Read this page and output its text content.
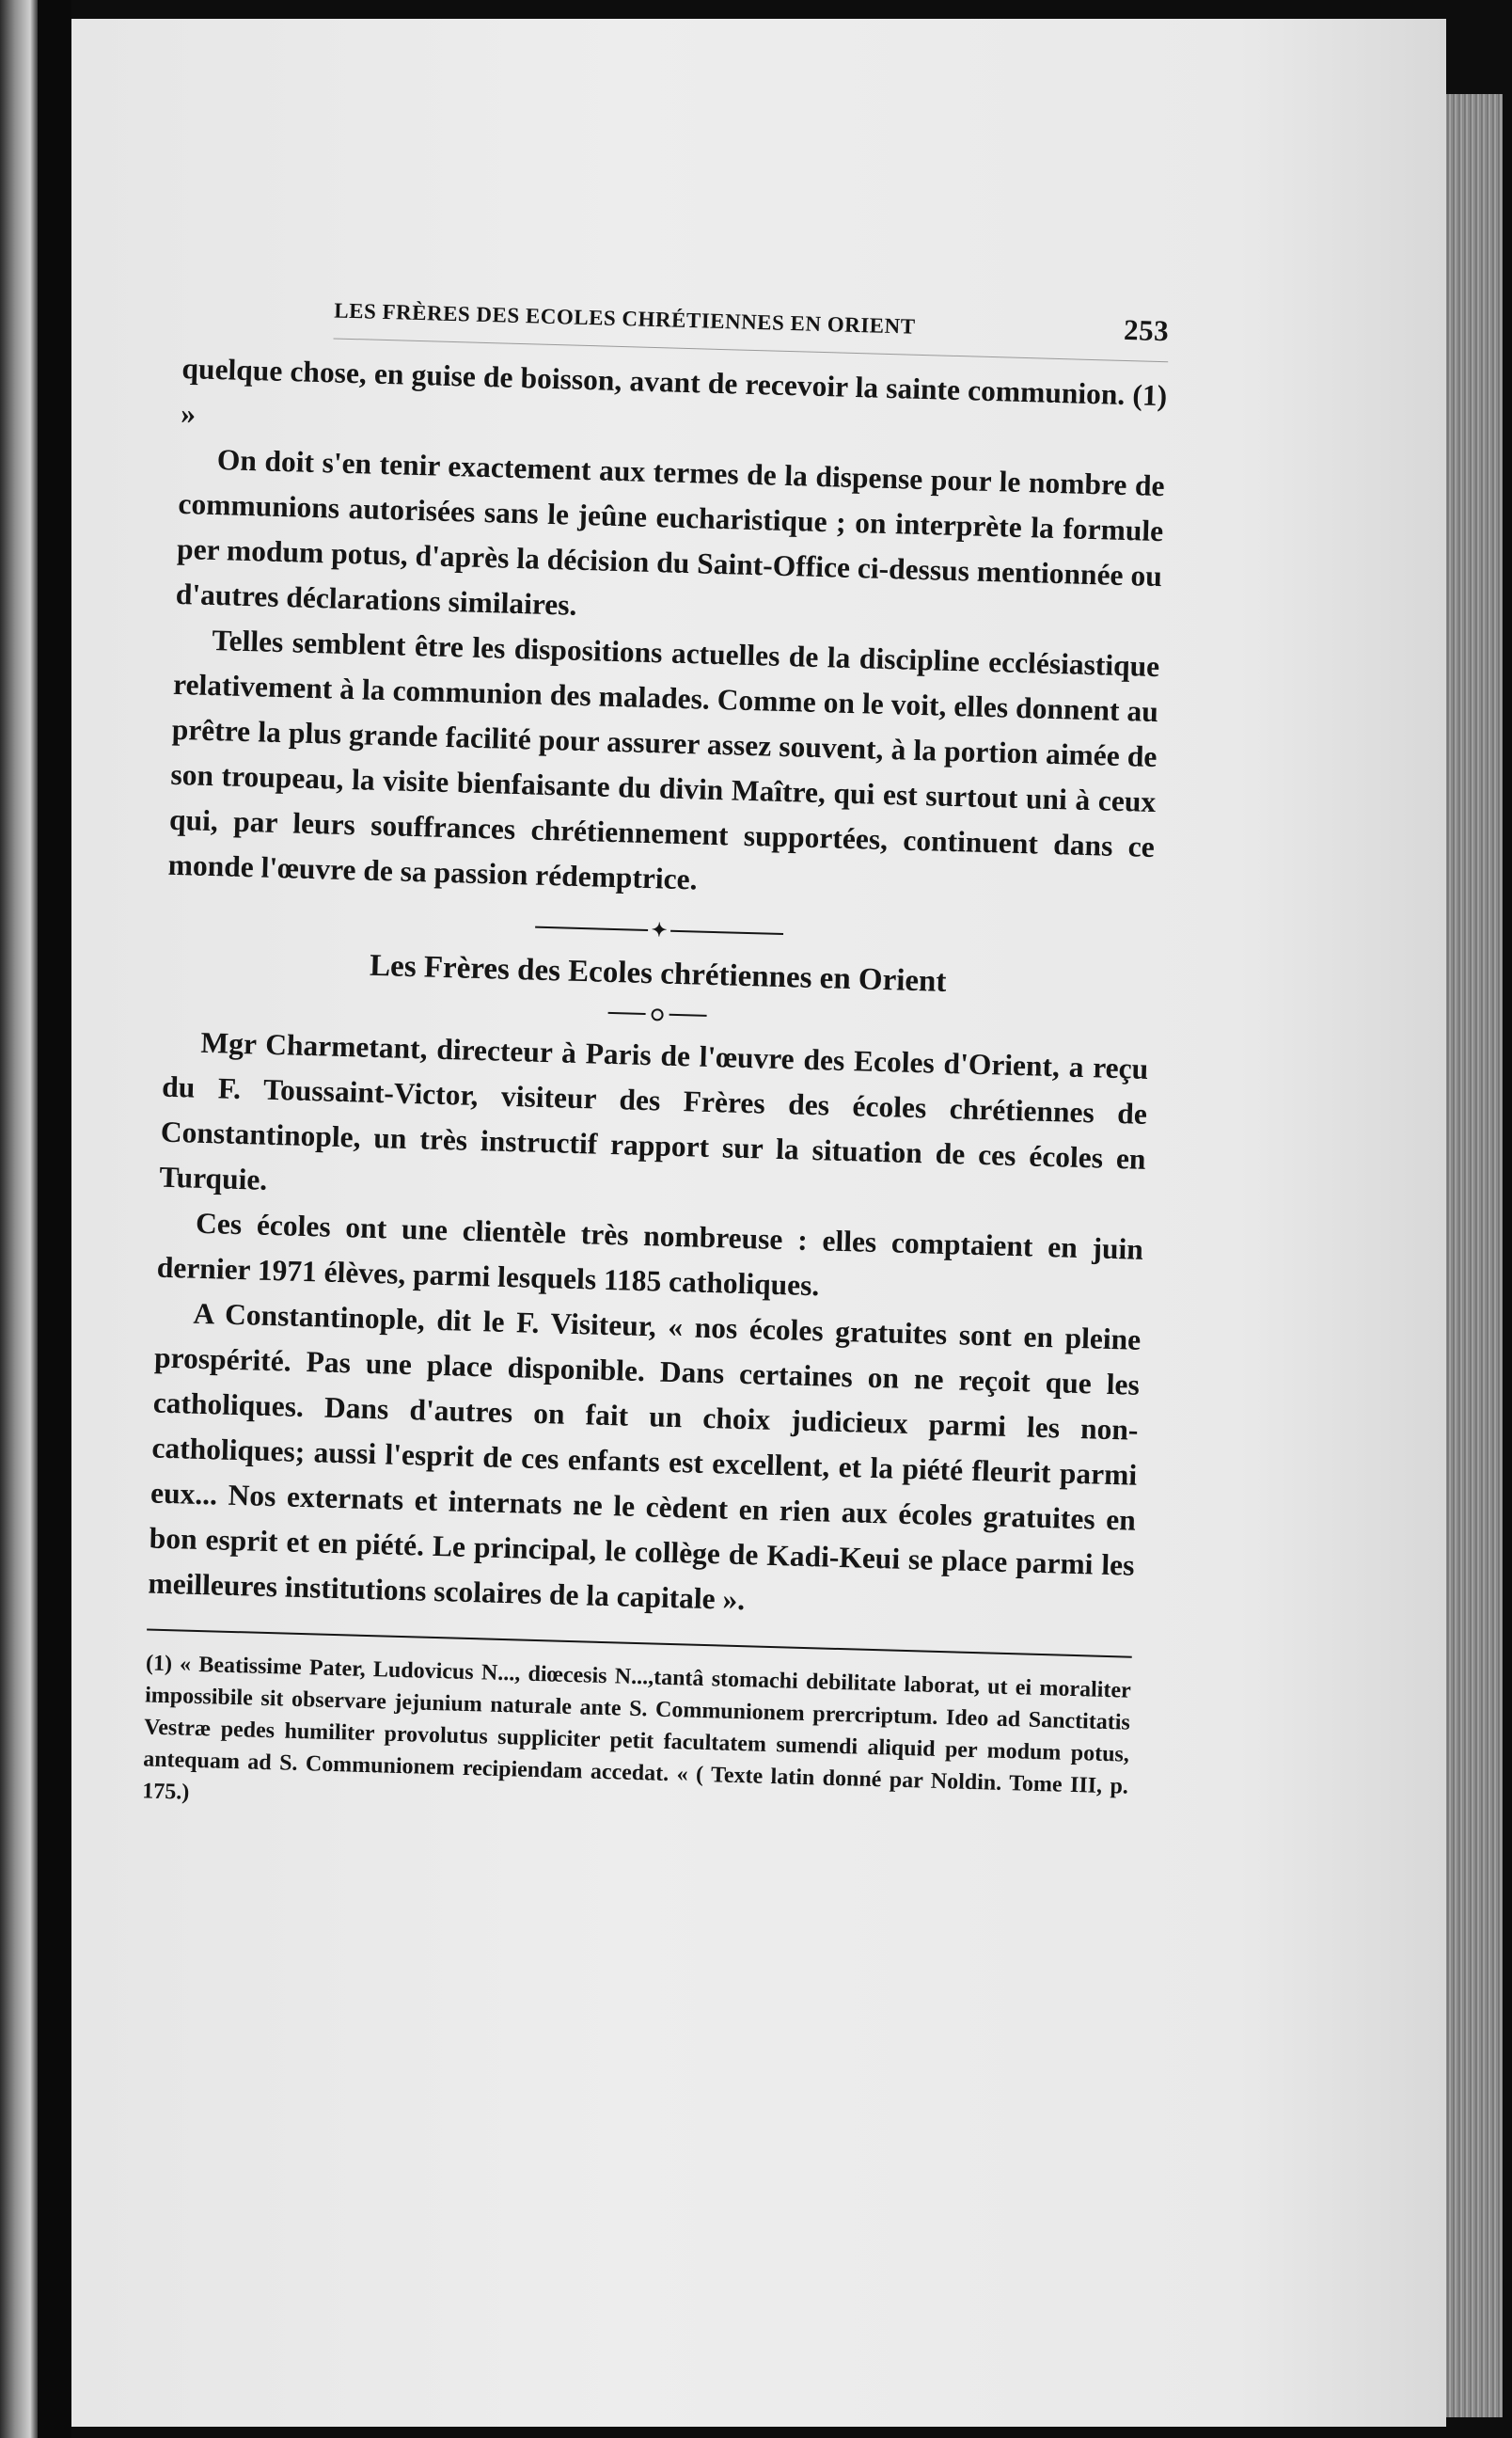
LES FRÈRES DES ECOLES CHRÉTIENNES EN ORIENT	253

quelque chose, en guise de boisson, avant de recevoir la sainte communion. (1) »

On doit s'en tenir exactement aux termes de la dispense pour le nombre de communions autorisées sans le jeûne eucharistique ; on interprète la formule per modum potus, d'après la décision du Saint-Office ci-dessus mentionnée ou d'autres déclarations similaires.

Telles semblent être les dispositions actuelles de la discipline ecclésiastique relativement à la communion des malades. Comme on le voit, elles donnent au prêtre la plus grande facilité pour assurer assez souvent, à la portion aimée de son troupeau, la visite bienfaisante du divin Maître, qui est surtout uni à ceux qui, par leurs souffrances chrétiennement supportées, continuent dans ce monde l'œuvre de sa passion rédemptrice.

✦
Les Frères des Ecoles chrétiennes en Orient

Mgr Charmetant, directeur à Paris de l'œuvre des Ecoles d'Orient, a reçu du F. Toussaint-Victor, visiteur des Frères des écoles chrétiennes de Constantinople, un très instructif rapport sur la situation de ces écoles en Turquie.

Ces écoles ont une clientèle très nombreuse : elles comptaient en juin dernier 1971 élèves, parmi lesquels 1185 catholiques.

A Constantinople, dit le F. Visiteur, « nos écoles gratuites sont en pleine prospérité. Pas une place disponible. Dans certaines on ne reçoit que les catholiques. Dans d'autres on fait un choix judicieux parmi les non-catholiques; aussi l'esprit de ces enfants est excellent, et la piété fleurit parmi eux... Nos externats et internats ne le cèdent en rien aux écoles gratuites en bon esprit et en piété. Le principal, le collège de Kadi-Keui se place parmi les meilleures institutions scolaires de la capitale ».

(1) « Beatissime Pater, Ludovicus N..., diœcesis N...,tantâ stomachi debilitate laborat, ut ei moraliter impossibile sit observare jejunium naturale ante S. Communionem prercriptum. Ideo ad Sanctitatis Vestræ pedes humiliter provolutus suppliciter petit facultatem sumendi aliquid per modum potus, antequam ad S. Communionem recipiendam accedat. « ( Texte latin donné par Noldin. Tome III, p. 175.)
